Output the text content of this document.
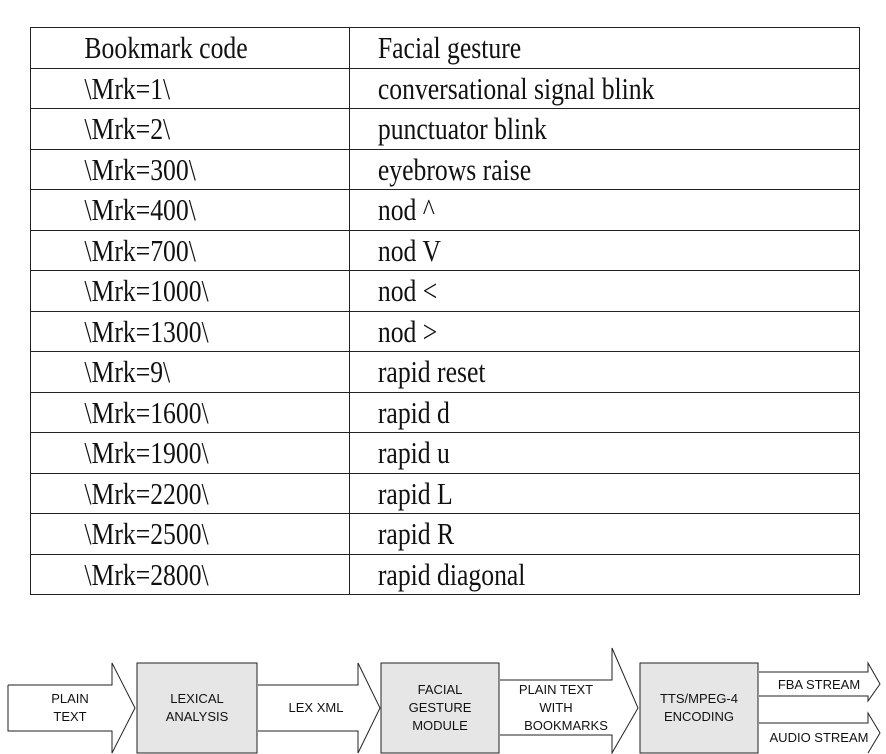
Bookmark code	Facial gesture
\Mrk=1\	conversational signal blink
\Mrk=2\	punctuator blink
\Mrk=300\	eyebrows raise
\Mrk=400\	nod ^
\Mrk=700\	nod V
\Mrk=1000\	nod <
\Mrk=1300\	nod >
\Mrk=9\	rapid reset
\Mrk=1600\	rapid d
\Mrk=1900\	rapid u
\Mrk=2200\	rapid L
\Mrk=2500\	rapid R
\Mrk=2800\	rapid diagonal
PLAIN
TEXT
LEXICAL
ANALYSIS
LEX XML
FACIAL
GESTURE
MODULE
PLAIN TEXT
WITH
BOOKMARKS
TTS/MPEG-4
ENCODING
FBA STREAM
AUDIO STREAM
